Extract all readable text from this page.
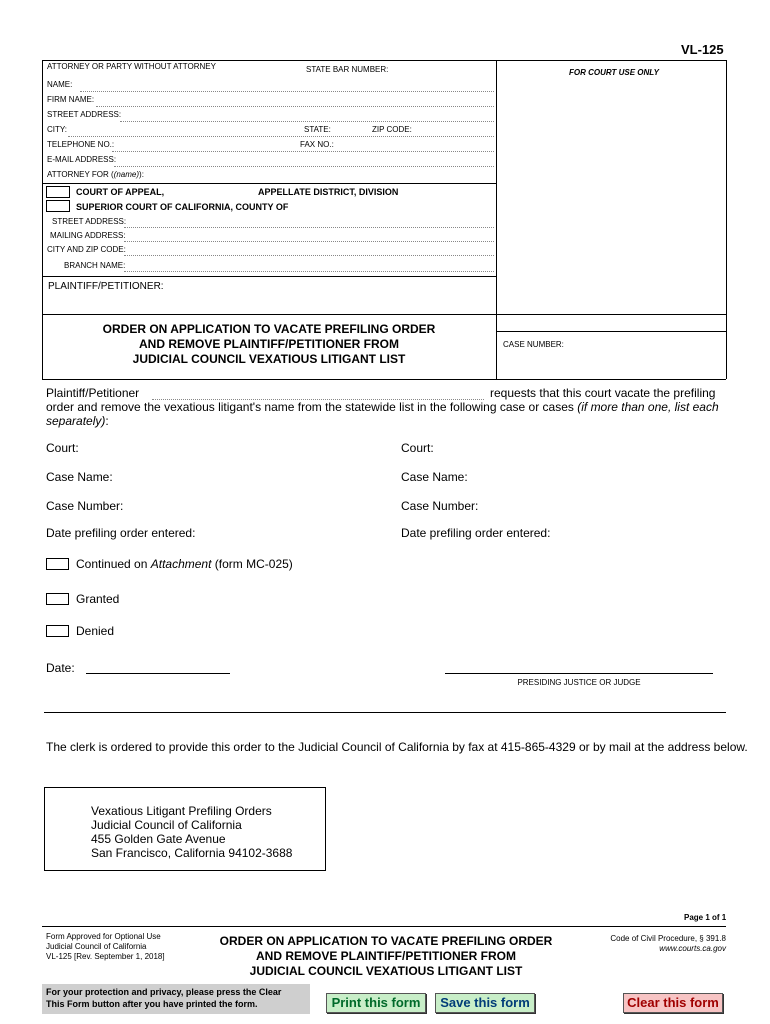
VL-125
ATTORNEY OR PARTY WITHOUT ATTORNEY	STATE BAR NUMBER:	FOR COURT USE ONLY
NAME:
FIRM NAME:
STREET ADDRESS:
CITY:	STATE:	ZIP CODE:
TELEPHONE NO.:	FAX NO.:
E-MAIL ADDRESS:
ATTORNEY FOR ((name)):
COURT OF APPEAL,	APPELLATE DISTRICT, DIVISION
SUPERIOR COURT OF CALIFORNIA, COUNTY OF
STREET ADDRESS:
MAILING ADDRESS:
CITY AND ZIP CODE:
BRANCH NAME:
PLAINTIFF/PETITIONER:
ORDER ON APPLICATION TO VACATE PREFILING ORDER
AND REMOVE PLAINTIFF/PETITIONER FROM
JUDICIAL COUNCIL VEXATIOUS LITIGANT LIST
CASE NUMBER:
Plaintiff/Petitioner	requests that this court vacate the prefiling
order and remove the vexatious litigant's name from the statewide list in the following case or cases (if more than one, list each
separately):
Court:	Court:
Case Name:	Case Name:
Case Number:	Case Number:
Date prefiling order entered:	Date prefiling order entered:
Continued on Attachment (form MC-025)
Granted
Denied
Date:
PRESIDING JUSTICE OR JUDGE
The clerk is ordered to provide this order to the Judicial Council of California by fax at 415-865-4329 or by mail at the address below.
Vexatious Litigant Prefiling Orders
Judicial Council of California
455 Golden Gate Avenue
San Francisco, California 94102-3688
Page 1 of 1
Form Approved for Optional Use
Judicial Council of California
VL-125 [Rev. September 1, 2018]
ORDER ON APPLICATION TO VACATE PREFILING ORDER
AND REMOVE PLAINTIFF/PETITIONER FROM
JUDICIAL COUNCIL VEXATIOUS LITIGANT LIST
Code of Civil Procedure, § 391.8
www.courts.ca.gov
For your protection and privacy, please press the Clear
This Form button after you have printed the form.	Print this form	Save this form	Clear this form
